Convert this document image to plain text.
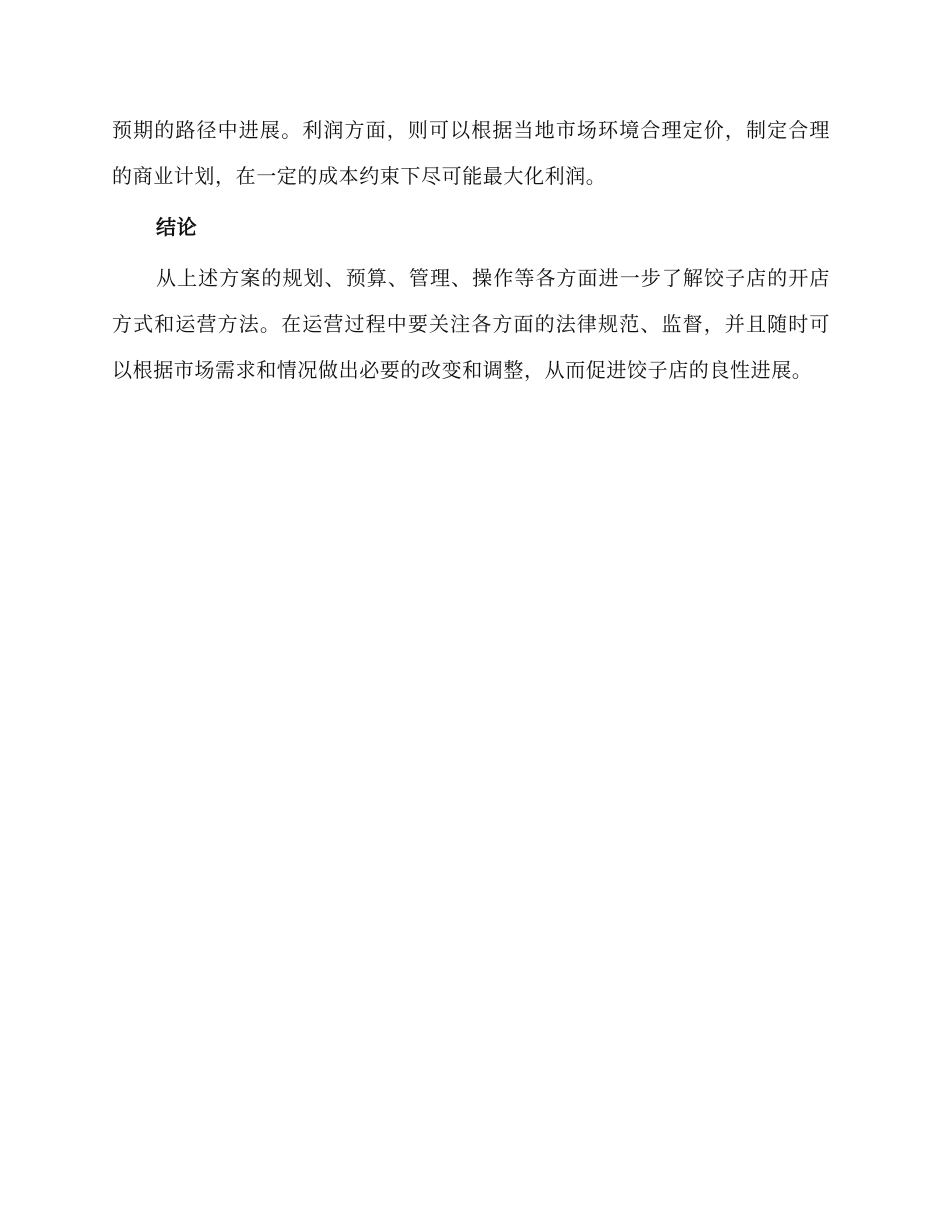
预期的路径中进展。利润方面，则可以根据当地市场环境合理定价，制定合理的商业计划，在一定的成本约束下尽可能最大化利润。

结论

从上述方案的规划、预算、管理、操作等各方面进一步了解饺子店的开店方式和运营方法。在运营过程中要关注各方面的法律规范、监督，并且随时可以根据市场需求和情况做出必要的改变和调整，从而促进饺子店的良性进展。
